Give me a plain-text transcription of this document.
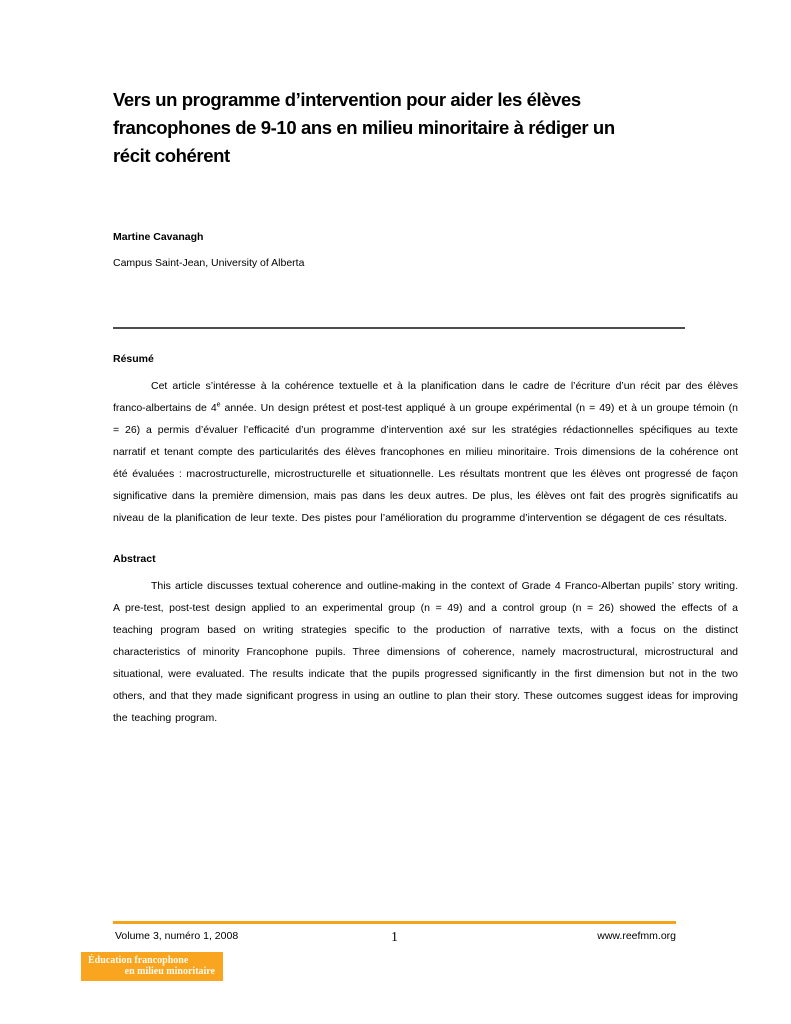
Vers un programme d’intervention pour aider les élèves
francophones de 9-10 ans en milieu minoritaire à rédiger un
récit cohérent

Martine Cavanagh

Campus Saint-Jean, University of Alberta

Résumé

Cet article s’intéresse à la cohérence textuelle et à la planification dans le cadre de l’écriture d’un récit par des élèves franco-albertains de 4e année. Un design prétest et post-test appliqué à un groupe expérimental (n = 49) et à un groupe témoin (n = 26) a permis d’évaluer l’efficacité d’un programme d’intervention axé sur les stratégies rédactionnelles spécifiques au texte narratif et tenant compte des particularités des élèves francophones en milieu minoritaire. Trois dimensions de la cohérence ont été évaluées : macrostructurelle, microstructurelle et situationnelle. Les résultats montrent que les élèves ont progressé de façon significative dans la première dimension, mais pas dans les deux autres. De plus, les élèves ont fait des progrès significatifs au niveau de la planification de leur texte. Des pistes pour l’amélioration du programme d’intervention se dégagent de ces résultats.

Abstract

This article discusses textual coherence and outline-making in the context of Grade 4 Franco-Albertan pupils’ story writing. A pre-test, post-test design applied to an experimental group (n = 49) and a control group (n = 26) showed the effects of a teaching program based on writing strategies specific to the production of narrative texts, with a focus on the distinct characteristics of minority Francophone pupils. Three dimensions of coherence, namely macrostructural, microstructural and situational, were evaluated. The results indicate that the pupils progressed significantly in the first dimension but not in the two others, and that they made significant progress in using an outline to plan their story. These outcomes suggest ideas for improving the teaching program.

Volume 3, numéro 1, 2008	1	www.reefmm.org
Éducation francophone
en milieu minoritaire
